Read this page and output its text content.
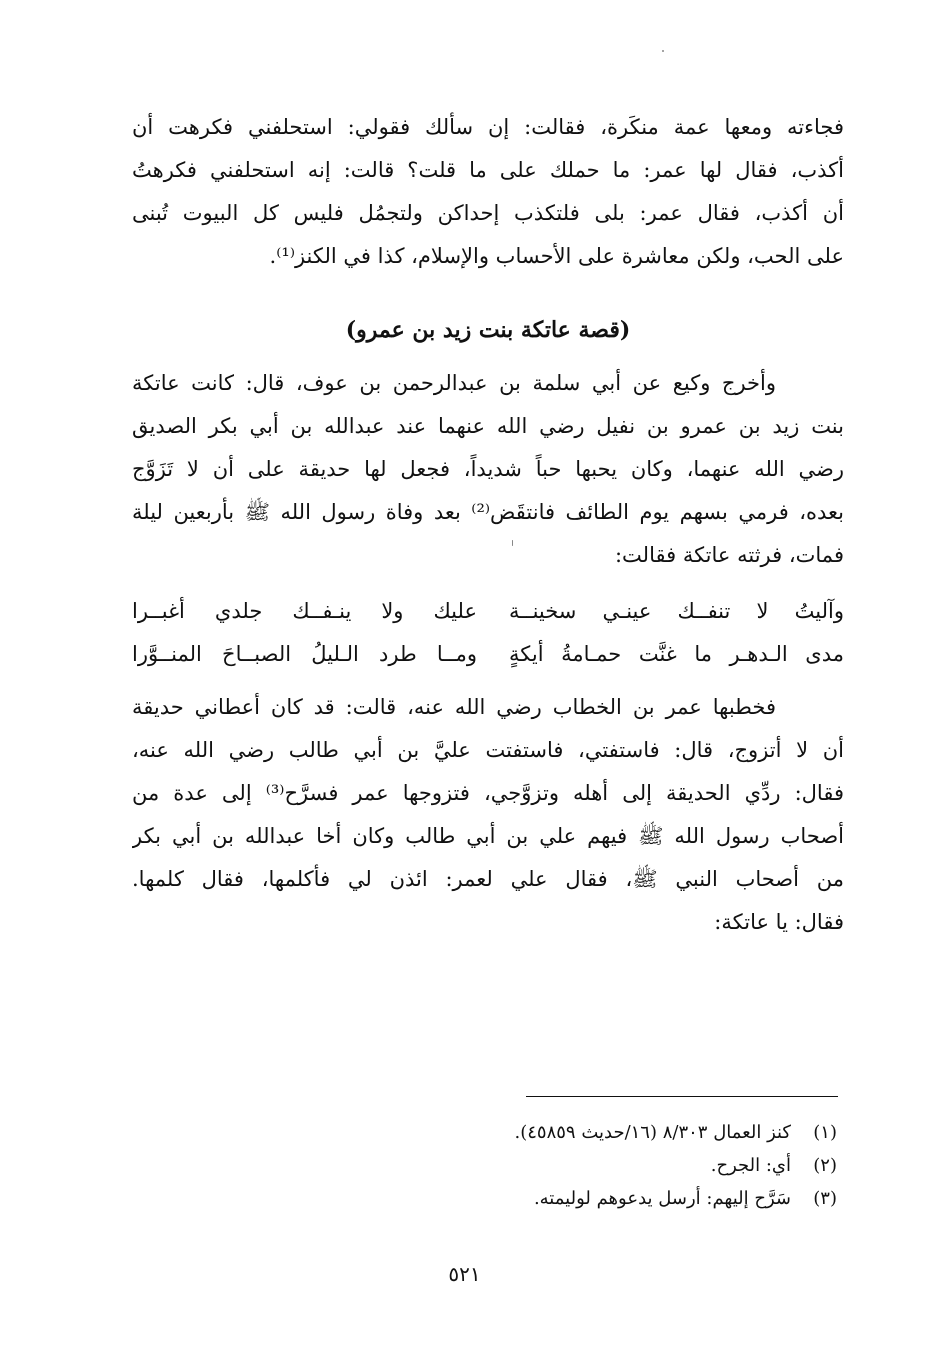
فجاءته ومعها عمة منكَرة، فقالت: إن سألك فقولي: استحلفني فكرهت أن
أكذب، فقال لها عمر: ما حملك على ما قلت؟ قالت: إنه استحلفني فكرهتُ
أن أكذب، فقال عمر: بلى فلتكذب إحداكن ولتجمُل فليس كل البيوت تُبنى
على الحب، ولكن معاشرة على الأحساب والإسلام، كذا في الكنز⁽¹⁾.
(قصة عاتكة بنت زيد بن عمرو)
وأخرج وكيع عن أبي سلمة بن عبدالرحمن بن عوف، قال: كانت عاتكة
بنت زيد بن عمرو بن نفيل رضي الله عنهما عند عبدالله بن أبي بكر الصديق
رضي الله عنهما، وكان يحبها حباً شديداً، فجعل لها حديقة على أن لا تَزَوَّج
بعده، فرمي بسهم يوم الطائف فانتقَض⁽²⁾ بعد وفاة رسول الله ﷺ بأربعين ليلة
فمات، فرثته عاتكة فقالت:
وآليتُ لا تنفــك عينـي سخينــة
عليك ولا ينـفــك جلدي أغبــرا
مدى الـدهـر ما غنَّت حمـامةُ أيكةٍ
ومــا طرد الـليلُ الصبــاحَ المنــوَّرا
فخطبها عمر بن الخطاب رضي الله عنه، قالت: قد كان أعطاني حديقة
أن لا أتزوج، قال: فاستفتي، فاستفتت عليَّ بن أبي طالب رضي الله عنه،
فقال: ردِّي الحديقة إلى أهله وتزوَّجي، فتزوجها عمر فسرَّح⁽³⁾ إلى عدة من
أصحاب رسول الله ﷺ فيهم علي بن أبي طالب وكان أخا عبدالله بن أبي بكر
من أصحاب النبي ﷺ، فقال علي لعمر: ائذن لي فأكلمها، فقال كلمها.
فقال: يا عاتكة:
(١)كنز العمال ٨/٣٠٣ (١٦/حديث ٤٥٨٥٩).
(٢)أي: الجرح.
(٣)سَرَّح إليهم: أرسل يدعوهم لوليمته.
٥٢١
